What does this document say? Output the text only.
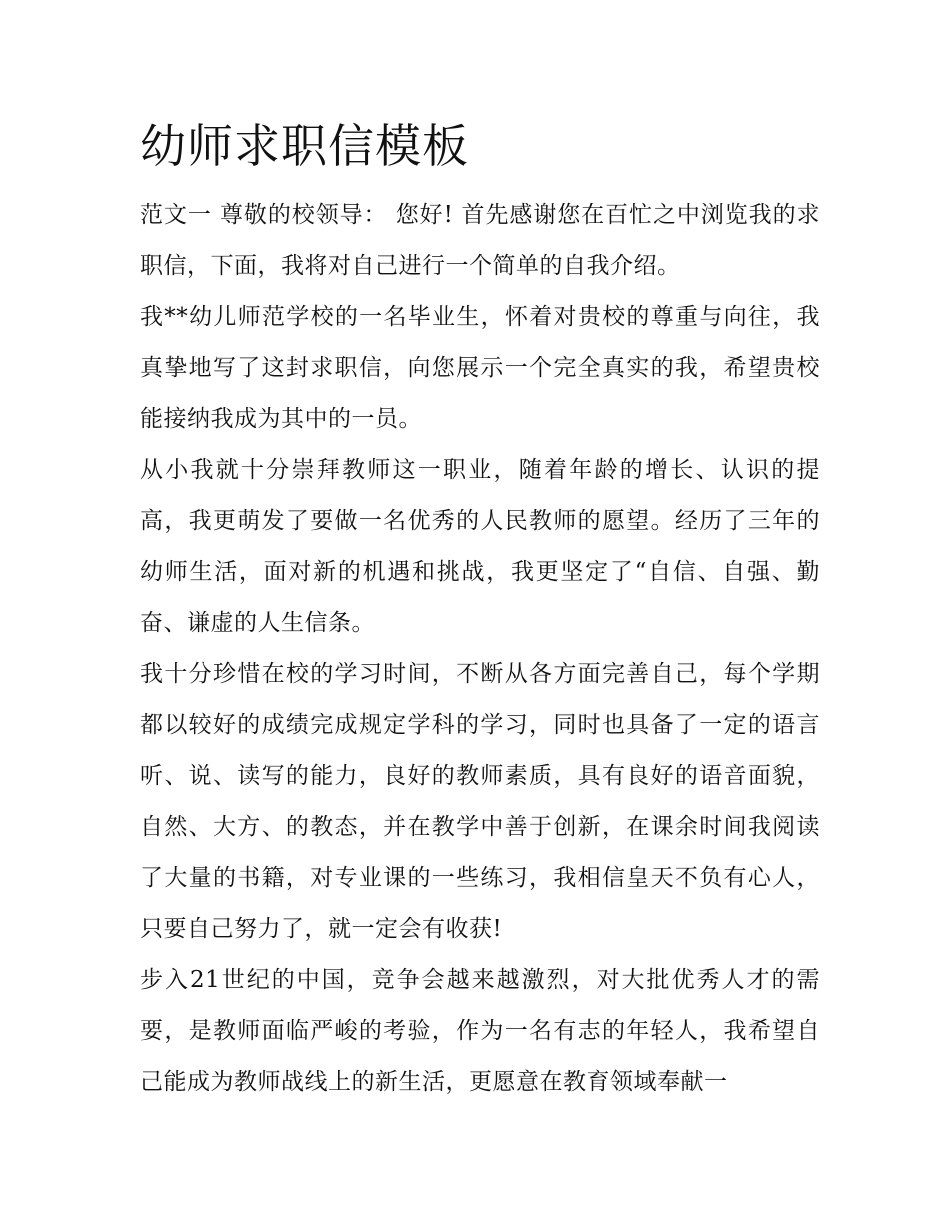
幼师求职信模板

范文一 尊敬的校领导： 您好! 首先感谢您在百忙之中浏览我的求职信，下面，我将对自己进行一个简单的自我介绍。

我**幼儿师范学校的一名毕业生，怀着对贵校的尊重与向往，我真挚地写了这封求职信，向您展示一个完全真实的我，希望贵校能接纳我成为其中的一员。

从小我就十分崇拜教师这一职业，随着年龄的增长、认识的提高，我更萌发了要做一名优秀的人民教师的愿望。经历了三年的幼师生活，面对新的机遇和挑战，我更坚定了“自信、自强、勤奋、谦虚的人生信条。

我十分珍惜在校的学习时间，不断从各方面完善自己，每个学期都以较好的成绩完成规定学科的学习，同时也具备了一定的语言听、说、读写的能力，良好的教师素质，具有良好的语音面貌，自然、大方、的教态，并在教学中善于创新，在课余时间我阅读了大量的书籍，对专业课的一些练习，我相信皇天不负有心人，只要自己努力了，就一定会有收获!

步入21世纪的中国，竞争会越来越激烈，对大批优秀人才的需要，是教师面临严峻的考验，作为一名有志的年轻人，我希望自己能成为教师战线上的新生活，更愿意在教育领域奉献一
